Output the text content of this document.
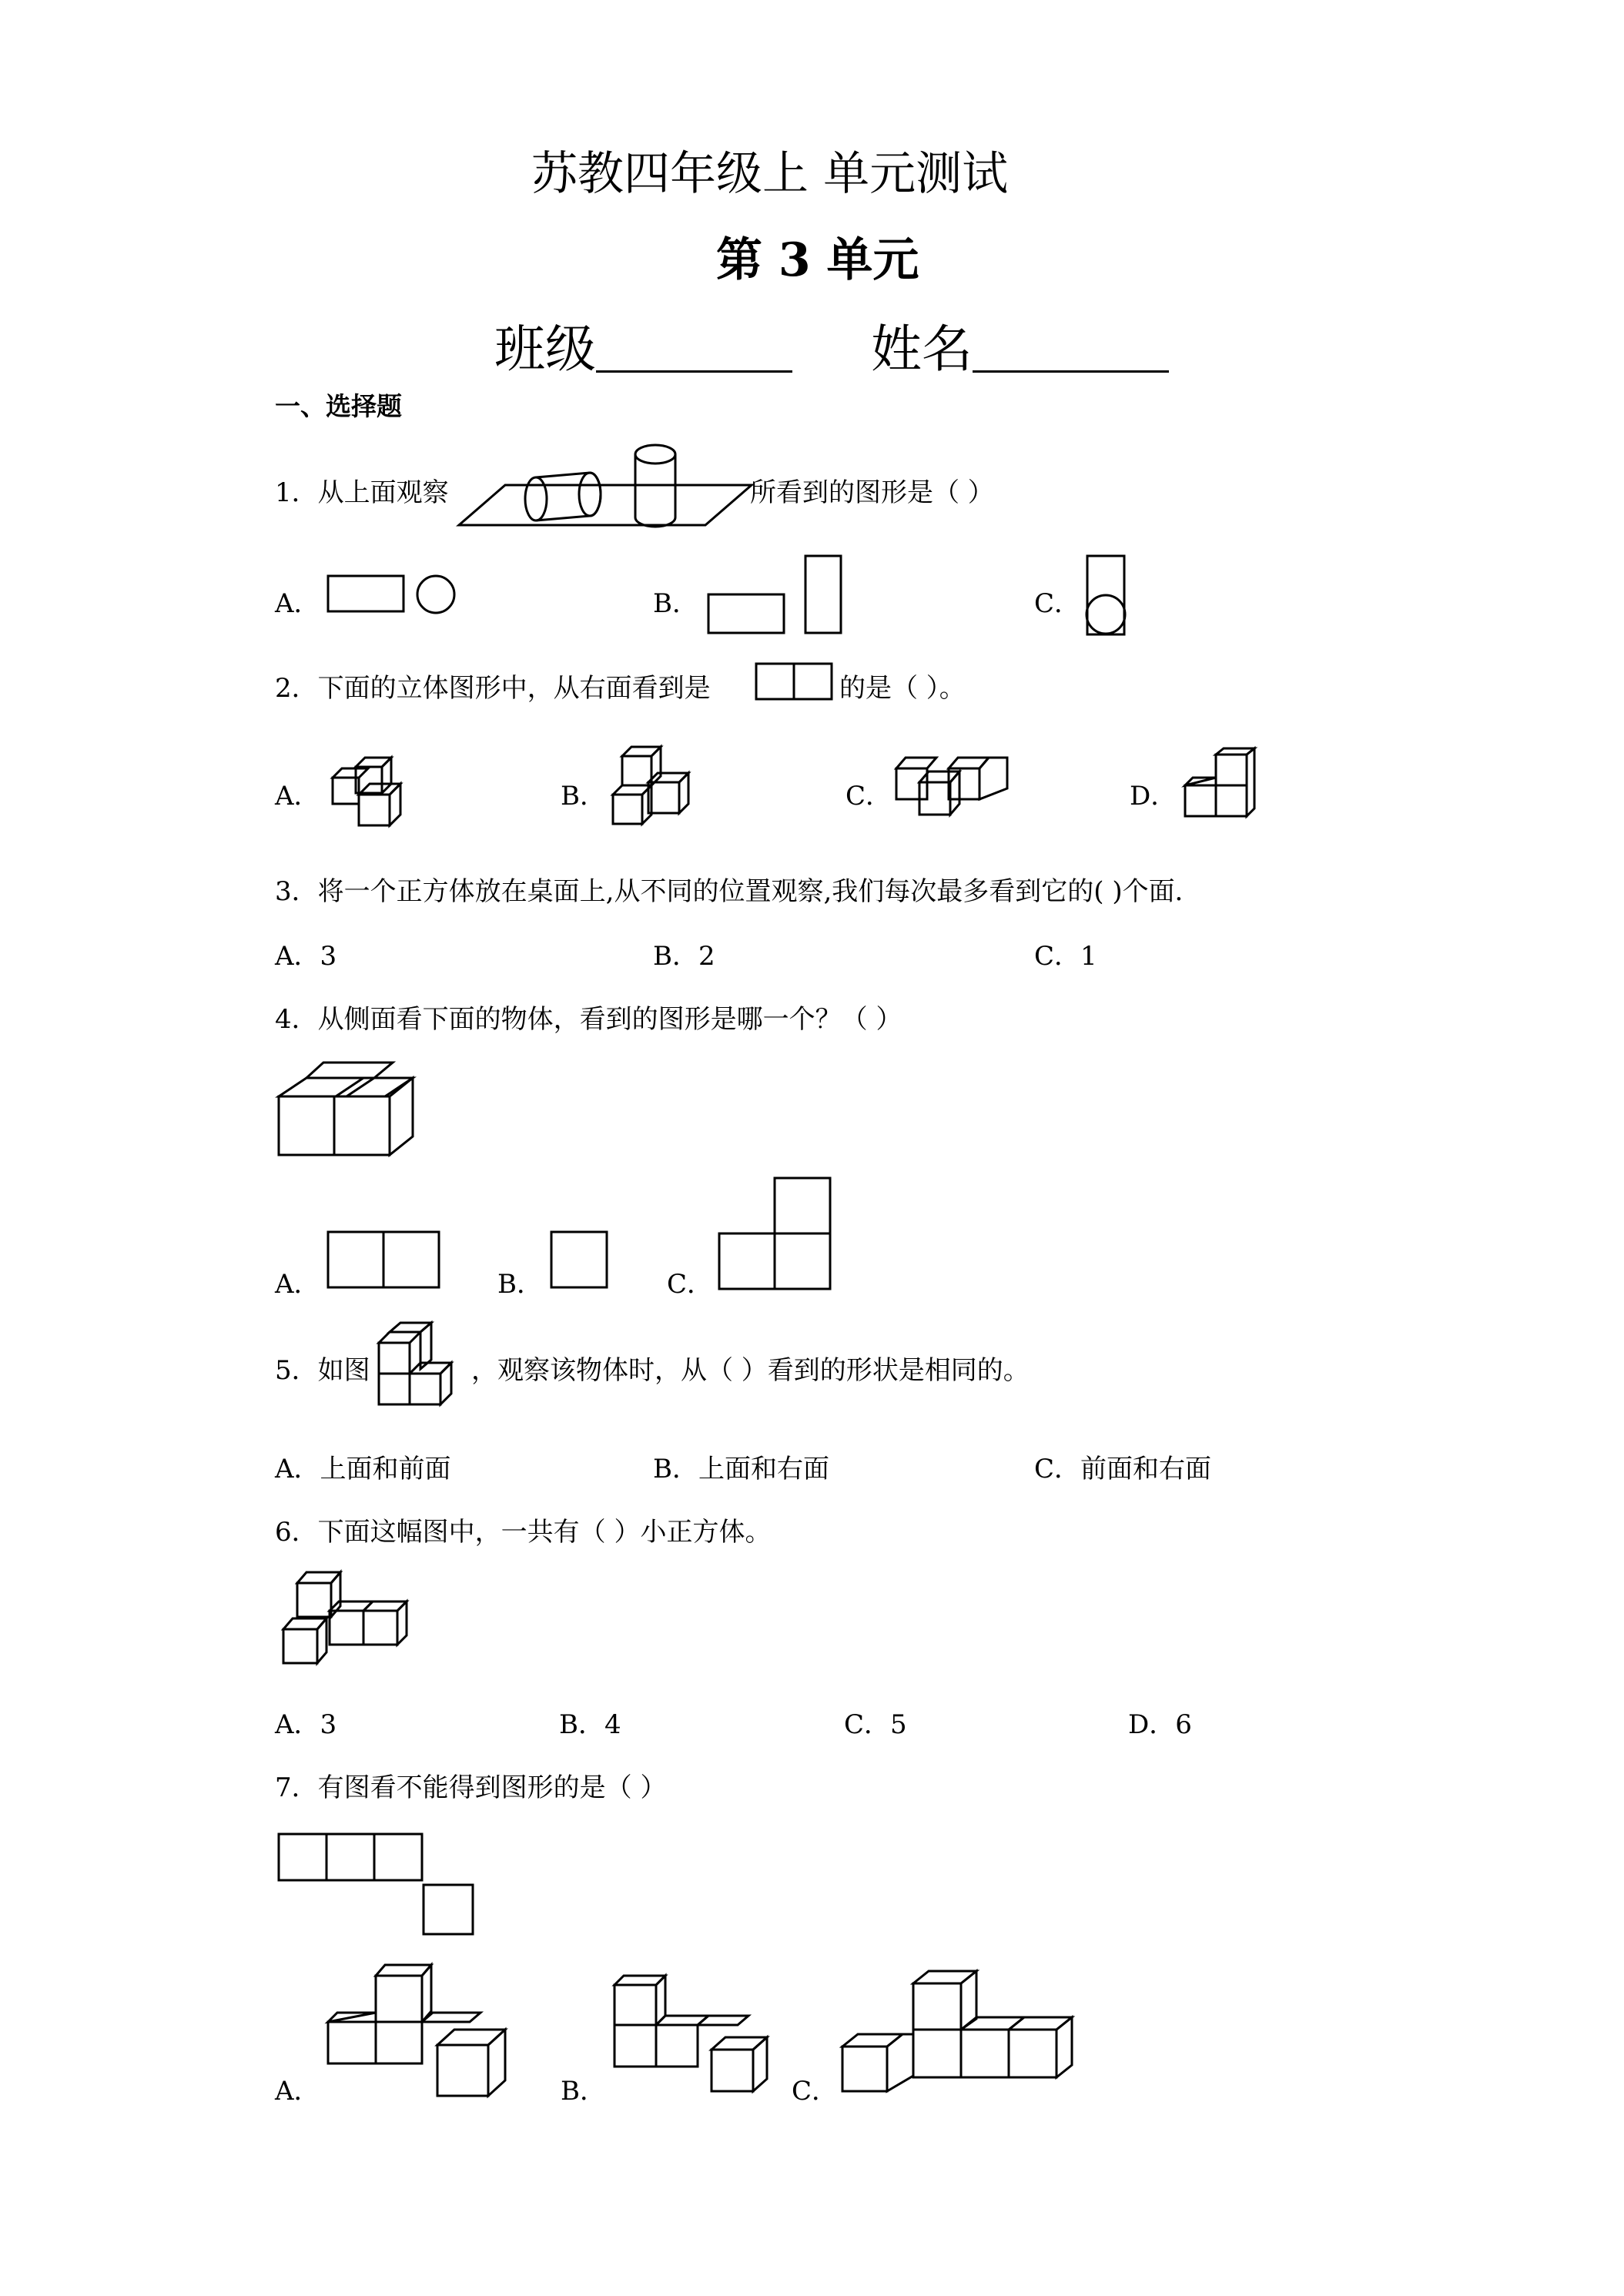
苏教四年级上 单元测试
第 3 单元
班级	姓名
一、选择题
1．从上面观察	所看到的图形是（ ）
A．	B．	C．
2．下面的立体图形中，从右面看到是	的是（ ）。
A．	B．	C．	D．
3．将一个正方体放在桌面上,从不同的位置观察,我们每次最多看到它的( )个面．
A．3	B．2	C．1
4．从侧面看下面的物体，看到的图形是哪一个？（ ）
A．	B．	C．
5．如图	，观察该物体时，从（ ）看到的形状是相同的。
A．上面和前面	B．上面和右面	C．前面和右面
6．下面这幅图中，一共有（ ）小正方体。
A．3	B．4	C．5	D．6
7．有图看不能得到图形的是（ ）
A．	B．	C．
